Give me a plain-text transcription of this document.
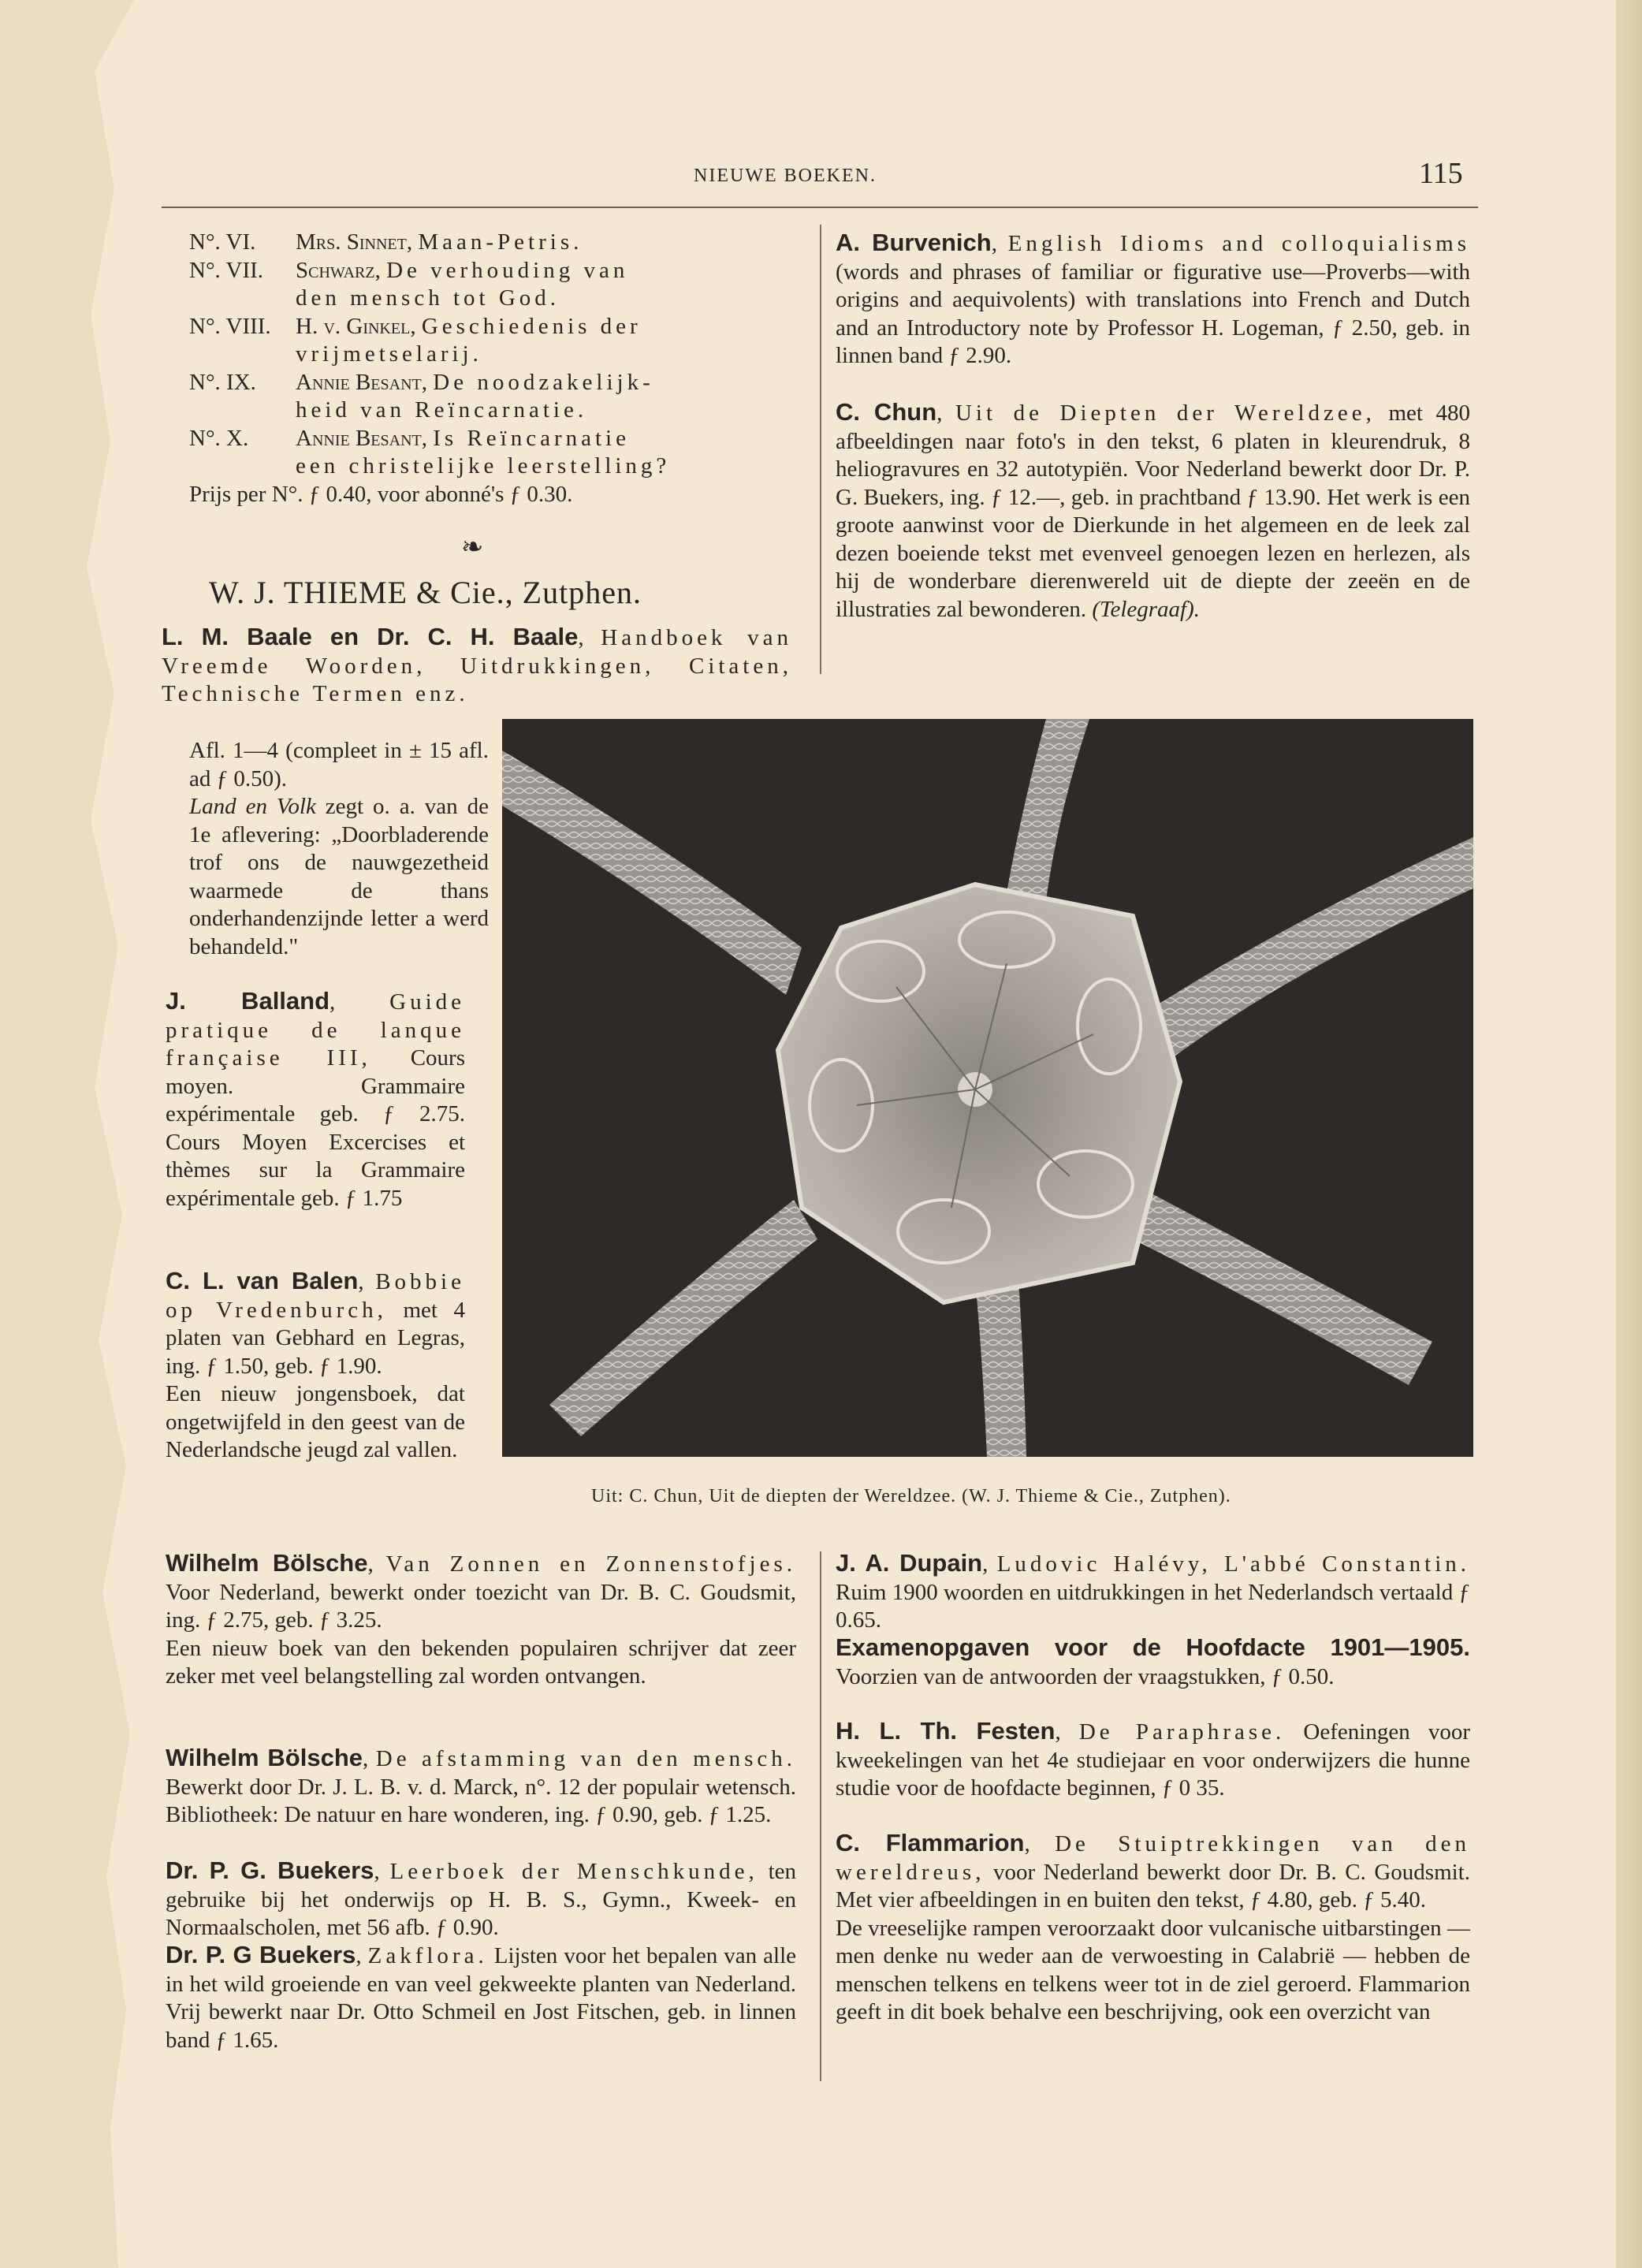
NIEUWE BOEKEN.	115
N°. VI.	Mrs. Sinnet, Maan-Petris.
N°. VII.	Schwarz, De verhouding van
den mensch tot God.
N°. VIII.	H. v. Ginkel, Geschiedenis der
vrijmetselarij.
N°. IX.	Annie Besant, De noodzakelijk-
heid van Reïncarnatie.
N°. X.	Annie Besant, Is Reïncarnatie
een christelijke leerstelling?

Prijs per N°. ƒ 0.40, voor abonné's ƒ 0.30.

❧
W. J. THIEME & Cie., Zutphen.
L. M. Baale en Dr. C. H. Baale, Handboek van Vreemde Woorden, Uitdrukkingen, Citaten, Technische Termen enz.

Afl. 1—4 (compleet in ± 15 afl. ad ƒ 0.50).

Land en Volk zegt o. a. van de 1e aflevering: „Doorbladerende trof ons de nauwgezetheid waarmede de thans onderhandenzijnde letter a werd behandeld."

J. Balland, Guide pratique de lanque française III, Cours moyen. Grammaire expérimentale geb. ƒ 2.75. Cours Moyen Excercises et thèmes sur la Grammaire expérimentale geb. ƒ 1.75
C. L. van Balen, Bobbie op Vredenburch, met 4 platen van Gebhard en Legras, ing. ƒ 1.50, geb. ƒ 1.90.

Een nieuw jongensboek, dat ongetwijfeld in den geest van de Nederlandsche jeugd zal vallen.

A. Burvenich, English Idioms and colloquialisms (words and phrases of familiar or figurative use—Proverbs—with origins and aequivolents) with translations into French and Dutch and an Introductory note by Professor H. Logeman, ƒ 2.50, geb. in linnen band ƒ 2.90.
C. Chun, Uit de Diepten der Wereldzee, met 480 afbeeldingen naar foto's in den tekst, 6 platen in kleurendruk, 8 heliogravures en 32 autotypiën. Voor Nederland bewerkt door Dr. P. G. Buekers, ing. ƒ 12.—, geb. in prachtband ƒ 13.90. Het werk is een groote aanwinst voor de Dierkunde in het algemeen en de leek zal dezen boeiende tekst met evenveel genoegen lezen en herlezen, als hij de wonderbare dierenwereld uit de diepte der zeeën en de illustraties zal bewonderen. (Telegraaf).
Uit: C. Chun, Uit de diepten der Wereldzee. (W. J. Thieme & Cie., Zutphen).
Wilhelm Bölsche, Van Zonnen en Zonnenstofjes. Voor Nederland, bewerkt onder toezicht van Dr. B. C. Goudsmit, ing. ƒ 2.75, geb. ƒ 3.25.

Een nieuw boek van den bekenden populairen schrijver dat zeer zeker met veel belangstelling zal worden ontvangen.

Wilhelm Bölsche, De afstamming van den mensch. Bewerkt door Dr. J. L. B. v. d. Marck, n°. 12 der populair wetensch. Bibliotheek: De natuur en hare wonderen, ing. ƒ 0.90, geb. ƒ 1.25.
Dr. P. G. Buekers, Leerboek der Menschkunde, ten gebruike bij het onderwijs op H. B. S., Gymn., Kweek- en Normaalscholen, met 56 afb. ƒ 0.90.
Dr. P. G Buekers, Zakflora. Lijsten voor het bepalen van alle in het wild groeiende en van veel gekweekte planten van Nederland. Vrij bewerkt naar Dr. Otto Schmeil en Jost Fitschen, geb. in linnen band ƒ 1.65.
J. A. Dupain, Ludovic Halévy, L'abbé Constantin. Ruim 1900 woorden en uitdrukkingen in het Nederlandsch vertaald ƒ 0.65.
Examenopgaven voor de Hoofdacte 1901—1905. Voorzien van de antwoorden der vraagstukken, ƒ 0.50.
H. L. Th. Festen, De Paraphrase. Oefeningen voor kweekelingen van het 4e studiejaar en voor onderwijzers die hunne studie voor de hoofdacte beginnen, ƒ 0 35.
C. Flammarion, De Stuiptrekkingen van den wereldreus, voor Nederland bewerkt door Dr. B. C. Goudsmit. Met vier afbeeldingen in en buiten den tekst, ƒ 4.80, geb. ƒ 5.40.

De vreeselijke rampen veroorzaakt door vulcanische uitbarstingen — men denke nu weder aan de verwoesting in Calabrië — hebben de menschen telkens en telkens weer tot in de ziel geroerd. Flammarion geeft in dit boek behalve een beschrijving, ook een overzicht van
